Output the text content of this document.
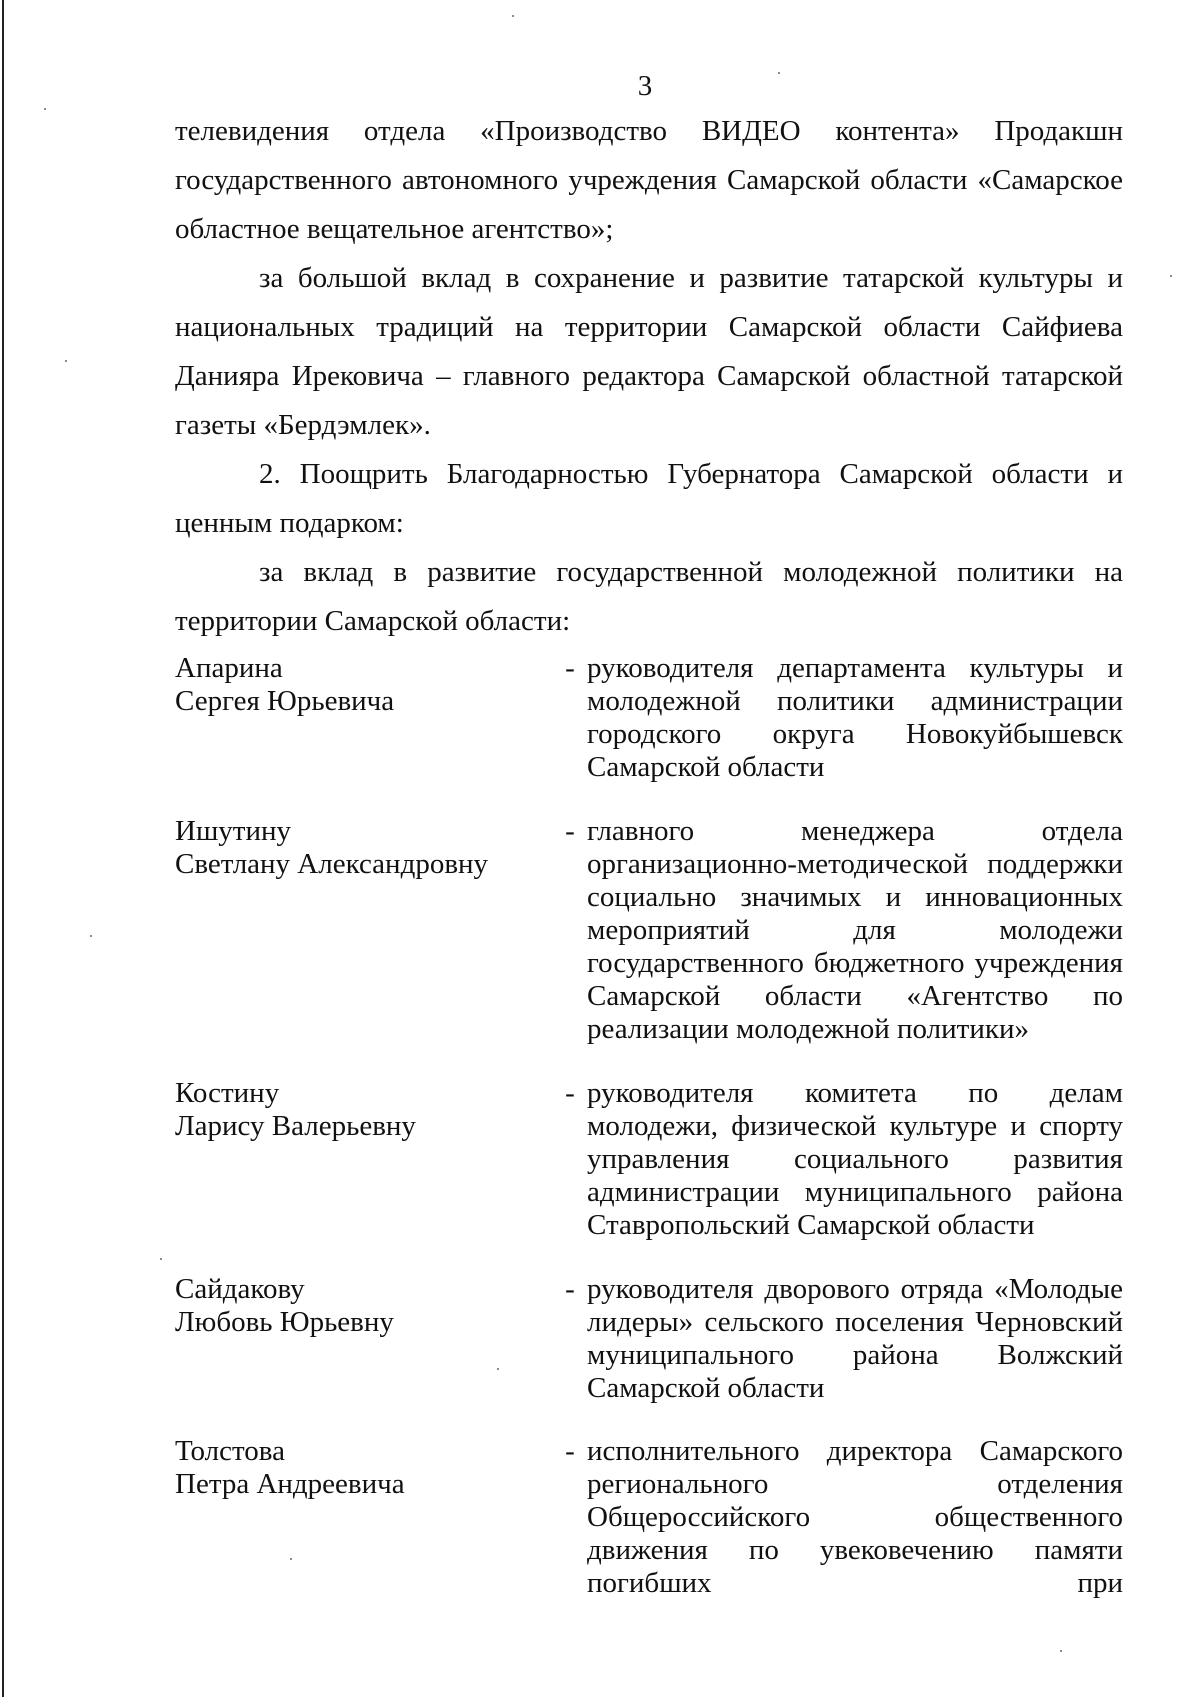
3

телевидения отдела «Производство ВИДЕО контента» Продакшн государственного автономного учреждения Самарской области «Самарское областное вещательное агентство»;

за большой вклад в сохранение и развитие татарской культуры и национальных традиций на территории Самарской области Сайфиева Данияра Ирековича – главного редактора Самарской областной татарской газеты «Бердэмлек».

2. Поощрить Благодарностью Губернатора Самарской области и ценным подарком:

за вклад в развитие государственной молодежной политики на территории Самарской области:

Апарина
Сергея Юрьевича
- руководителя департамента культуры и молодежной политики администрации городского округа Новокуйбышевск Самарской области
Ишутину
Светлану Александровну
- главного менеджера отдела организационно-методической поддержки социально значимых и инновационных мероприятий для молодежи государственного бюджетного учреждения Самарской области «Агентство по реализации молодежной политики»
Костину
Ларису Валерьевну
- руководителя комитета по делам молодежи, физической культуре и спорту управления социального развития администрации муниципального района Ставропольский Самарской области
Сайдакову
Любовь Юрьевну
- руководителя дворового отряда «Молодые лидеры» сельского поселения Черновский муниципального района Волжский Самарской области
Толстова
Петра Андреевича
- исполнительного директора Самарского регионального отделения Общероссийского общественного движения по увековечению памяти погибших при
